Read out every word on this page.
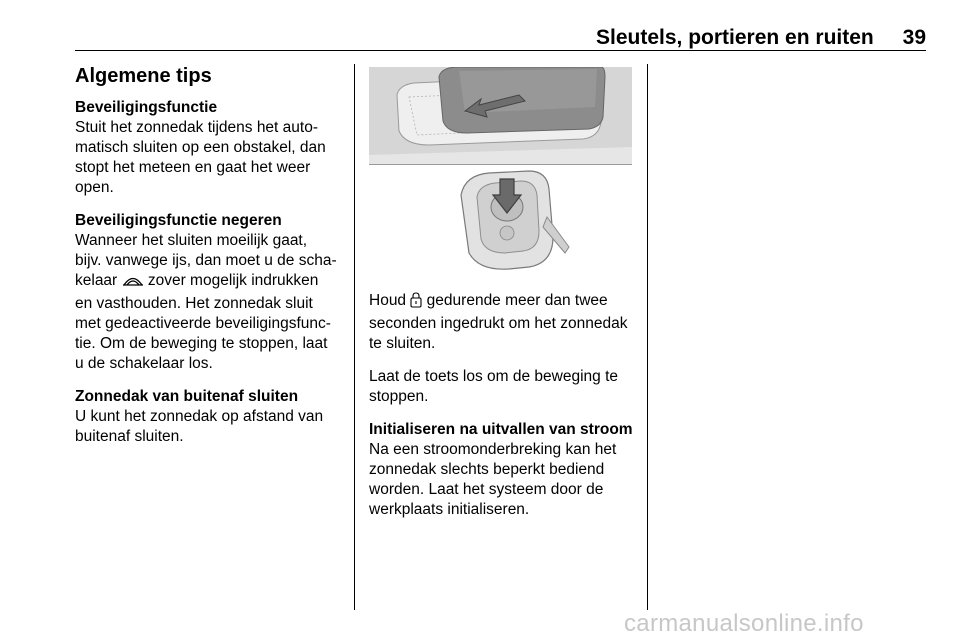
Sleutels, portieren en ruiten	39
Algemene tips
Beveiligingsfunctie

Stuit het zonnedak tijdens het auto-
matisch sluiten op een obstakel, dan
stopt het meteen en gaat het weer
open.

Beveiligingsfunctie negeren

Wanneer het sluiten moeilijk gaat,
bijv. vanwege ijs, dan moet u de scha-
kelaar  zover mogelijk indrukken
en vasthouden. Het zonnedak sluit
met gedeactiveerde beveiligingsfunc-
tie. Om de beweging te stoppen, laat
u de schakelaar los.

Zonnedak van buitenaf sluiten

U kunt het zonnedak op afstand van
buitenaf sluiten.

Houd  gedurende meer dan twee
seconden ingedrukt om het zonnedak
te sluiten.

Laat de toets los om de beweging te
stoppen.

Initialiseren na uitvallen van stroom

Na een stroomonderbreking kan het
zonnedak slechts beperkt bediend
worden. Laat het systeem door de
werkplaats initialiseren.

carmanualsonline.info
